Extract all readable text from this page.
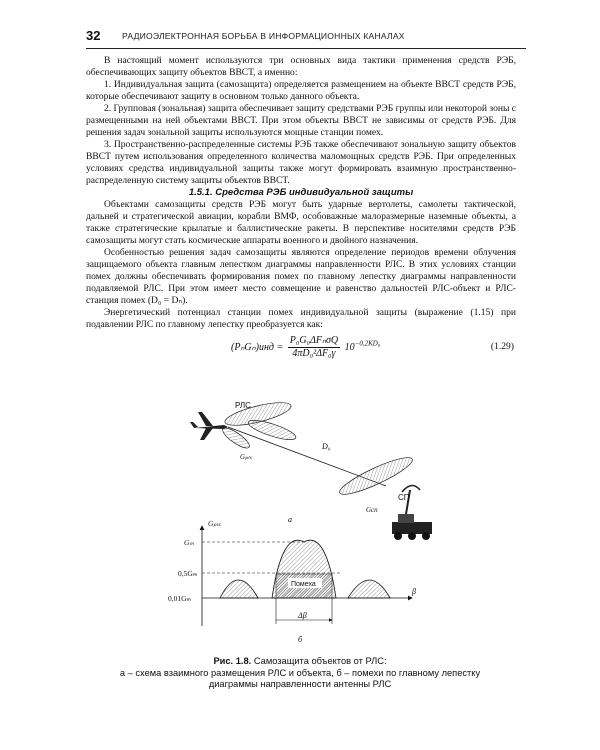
32	РАДИОЭЛЕКТРОННАЯ БОРЬБА В ИНФОРМАЦИОННЫХ КАНАЛАХ

В настоящий момент используются три основных вида тактики применения средств РЭБ, обеспечивающих защиту объектов ВВСТ, а именно:

1. Индивидуальная защита (самозащита) определяется размещением на объекте ВВСТ средств РЭБ, которые обеспечивают защиту в основном только данного объекта.

2. Групповая (зональная) защита обеспечивает защиту средствами РЭБ группы или некоторой зоны с размещенными на ней объектами ВВСТ. При этом объекты ВВСТ не зависимы от средств РЭБ. Для решения задач зональной защиты используются мощные станции помех.

3. Пространственно-распределенные системы РЭБ также обеспечивают зональную защиту объектов ВВСТ путем использования определенного количества маломощных средств РЭБ. При определенных условиях средства индивидуальной защиты также могут формировать взаимную пространственно-распределенную систему защиты объектов ВВСТ.

1.5.1. Средства РЭБ индивидуальной защиты

Объектами самозащиты средств РЭБ могут быть ударные вертолеты, самолеты тактической, дальней и стратегической авиации, корабли ВМФ, особоважные малоразмерные наземные объекты, а также стратегические крылатые и баллистические ракеты. В перспективе носителями средств РЭБ самозащиты могут стать космические аппараты военного и двойного назначения.

Особенностью решения задач самозащиты являются определение периодов времени облучения защищаемого объекта главным лепестком диаграммы направленности РЛС. В этих условиях станции помех должны обеспечивать формирования помех по главному лепестку диаграммы направленности подавляемой РЛС. При этом имеет место совмещение и равенство дальностей РЛС-объект и РЛС-станция помех (D₀ = Dₙ).

Энергетический потенциал станции помех индивидуальной защиты (выражение (1.15) при подавлении РЛС по главному лепестку преобразуется как:

$(P_nG_n)инд = \frac{\text{P₀G₀ΔFₙσQ}}{\text{4πD₀²ΔF₀γ}} 10^{-0,2KD_0}$	(1.29)
РЛС
Gₚₗₛ
D₀
СП
Gсп
а
Помеха
Δβ
Gₚₗₛ
β
Gₘ
0,5Gₘ
0,01Gₘ
б
Рис. 1.8. Самозащита объектов от РЛС:
а – схема взаимного размещения РЛС и объекта, б – помехи по главному лепестку
диаграммы направленности антенны РЛС
